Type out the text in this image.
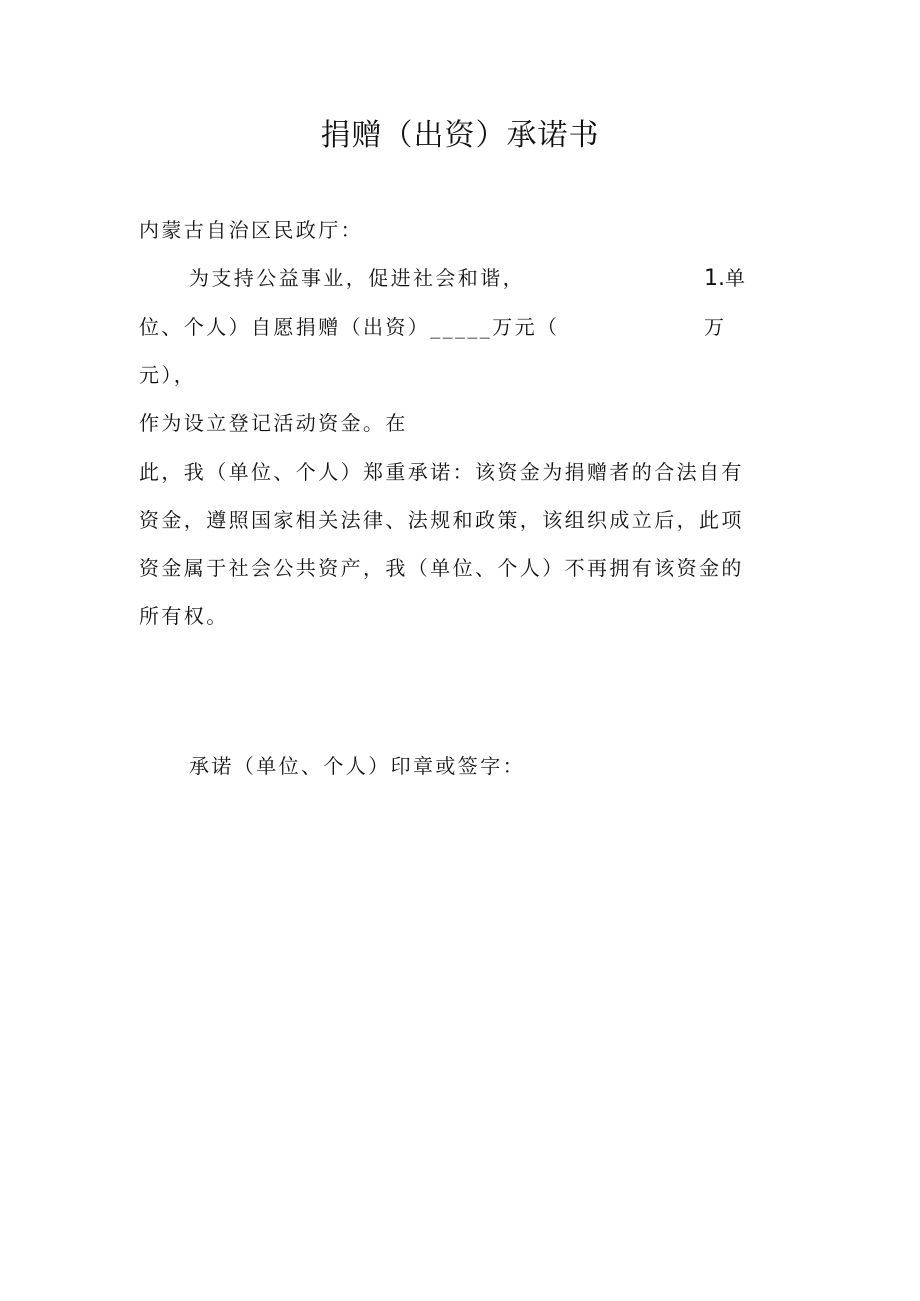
捐赠（出资）承诺书
内蒙古自治区民政厅：
为支持公益事业，促进社会和谐，	1.单
位、个人）自愿捐赠（出资）_____万元（	万
元），
作为设立登记活动资金。在
此，我（单位、个人）郑重承诺：该资金为捐赠者的合法自有
资金，遵照国家相关法律、法规和政策，该组织成立后，此项
资金属于社会公共资产，我（单位、个人）不再拥有该资金的
所有权。
承诺（单位、个人）印章或签字：
